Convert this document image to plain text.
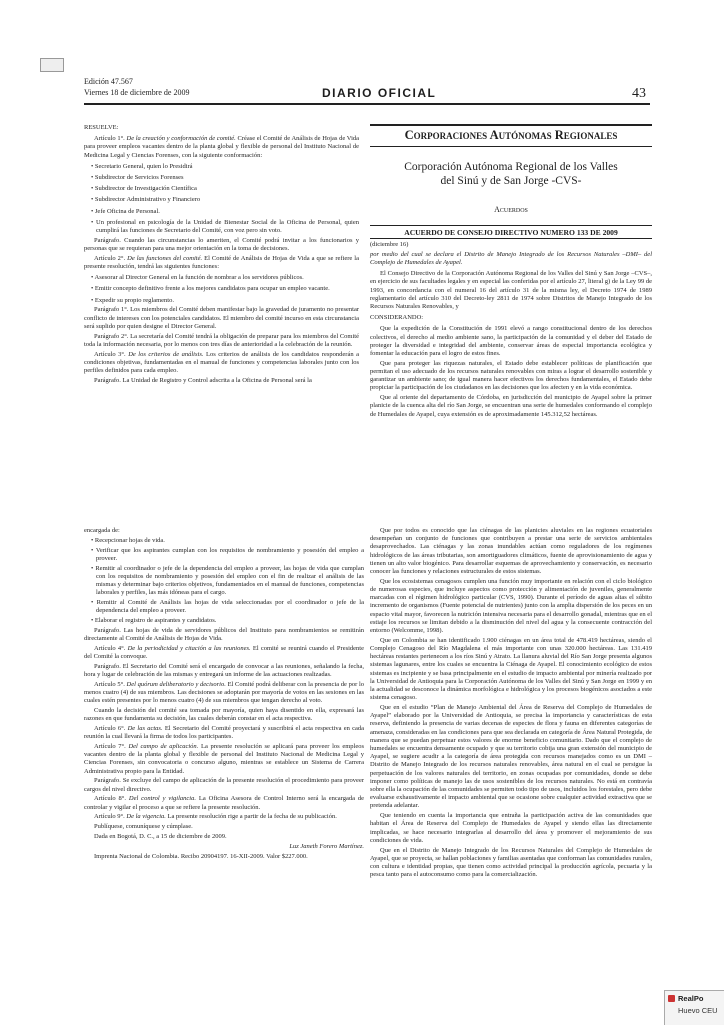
Edición 47.567
Viernes 18 de diciembre de 2009	DIARIO OFICIAL	43

RESUELVE:

Artículo 1°. De la creación y conformación de comité. Créase el Comité de Análisis de Hojas de Vida para proveer empleos vacantes dentro de la planta global y flexible de personal del Instituto Nacional de Medicina Legal y Ciencias Forenses, con la siguiente conformación:

• Secretario General, quien lo Presidirá

• Subdirector de Servicios Forenses

• Subdirector de Investigación Científica

• Subdirector Administrativo y Financiero

• Jefe Oficina de Personal.

• Un profesional en psicología de la Unidad de Bienestar Social de la Oficina de Personal, quien cumplirá las funciones de Secretario del Comité, con voz pero sin voto.

Parágrafo. Cuando las circunstancias lo ameriten, el Comité podrá invitar a los funcionarios y personas que se requieran para una mejor orientación en la toma de decisiones.

Artículo 2°. De las funciones del comité. El Comité de Análisis de Hojas de Vida a que se refiere la presente resolución, tendrá las siguientes funciones:

• Asesorar al Director General en la función de nombrar a los servidores públicos.

• Emitir concepto definitivo frente a los mejores candidatos para ocupar un empleo vacante.

• Expedir su propio reglamento.

Parágrafo 1°. Los miembros del Comité deben manifestar bajo la gravedad de juramento no presentar conflicto de intereses con los potenciales candidatos. El miembro del comité incurso en esta circunstancia será suplido por quien designe el Director General.

Parágrafo 2°. La secretaría del Comité tendrá la obligación de preparar para los miembros del Comité toda la información necesaria, por lo menos con tres días de anterioridad a la celebración de la reunión.

Artículo 3°. De los criterios de análisis. Los criterios de análisis de los candidatos responderán a condiciones objetivas, fundamentadas en el manual de funciones y competencias laborales junto con los perfiles definidos para cada empleo.

Parágrafo. La Unidad de Registro y Control adscrita a la Oficina de Personal será la

Corporaciones Autónomas Regionales
Corporación Autónoma Regional de los Valles
del Sinú y de San Jorge -CVS-
Acuerdos
ACUERDO DE CONSEJO DIRECTIVO NUMERO 133 DE 2009

(diciembre 16)

por medio del cual se declara el Distrito de Manejo Integrado de los Recursos Naturales –DMI– del Complejo de Humedales de Ayapel.

El Consejo Directivo de la Corporación Autónoma Regional de los Valles del Sinú y San Jorge –CVS–, en ejercicio de sus facultades legales y en especial las conferidas por el artículo 27, literal g) de la Ley 99 de 1993, en concordancia con el numeral 16 del artículo 31 de la misma ley, el Decreto 1974 de 1989 reglamentario del artículo 310 del Decreto-ley 2811 de 1974 sobre Distritos de Manejo Integrado de los Recursos Naturales Renovables, y

CONSIDERANDO:

Que la expedición de la Constitución de 1991 elevó a rango constitucional dentro de los derechos colectivos, el derecho al medio ambiente sano, la participación de la comunidad y el deber del Estado de proteger la diversidad e integridad del ambiente, conservar áreas de especial importancia ecológica y fomentar la educación para el logro de estos fines.

Que para proteger las riquezas naturales, el Estado debe establecer políticas de planificación que permitan el uso adecuado de los recursos naturales renovables con miras a lograr el desarrollo sostenible y garantizar un ambiente sano; de igual manera hacer efectivos los derechos fundamentales, el Estado debe propiciar la participación de los ciudadanos en las decisiones que los afecten y en la vida económica.

Que al oriente del departamento de Córdoba, en jurisdicción del municipio de Ayapel sobre la primer planicie de la cuenca alta del río San Jorge, se encuentran una serie de humedales conformando el complejo de Humedales de Ayapel, cuya extensión es de aproximadamente 145.312,52 hectáreas.

encargada de:

• Recepcionar hojas de vida.

• Verificar que los aspirantes cumplan con los requisitos de nombramiento y posesión del empleo a proveer.

• Remitir al coordinador o jefe de la dependencia del empleo a proveer, las hojas de vida que cumplan con los requisitos de nombramiento y posesión del empleo con el fin de realizar el análisis de las mismas y determinar bajo criterios objetivos, fundamentados en el manual de funciones, competencias laborales y perfiles, las más idóneas para el cargo.

• Remitir al Comité de Análisis las hojas de vida seleccionadas por el coordinador o jefe de la dependencia del empleo a proveer.

• Elaborar el registro de aspirantes y candidatos.

Parágrafo. Las hojas de vida de servidores públicos del Instituto para nombramientos se remitirán directamente al Comité de Análisis de Hojas de Vida.

Artículo 4°. De la periodicidad y citación a las reuniones. El comité se reunirá cuando el Presidente del Comité la convoque.

Parágrafo. El Secretario del Comité será el encargado de convocar a las reuniones, señalando la fecha, hora y lugar de celebración de las mismas y entregará un informe de las actuaciones realizadas.

Artículo 5°. Del quórum deliberatorio y decisorio. El Comité podrá deliberar con la presencia de por lo menos cuatro (4) de sus miembros. Las decisiones se adoptarán por mayoría de votos en las sesiones en las cuales estén presentes por lo menos cuatro (4) de sus miembros que tengan derecho al voto.

Cuando la decisión del comité sea tomada por mayoría, quien haya disentido en ella, expresará las razones en que fundamenta su decisión, las cuales deberán constar en el acta respectiva.

Artículo 6°. De las actas. El Secretario del Comité proyectará y suscribirá el acta respectiva en cada reunión la cual llevará la firma de todos los participantes.

Artículo 7°. Del campo de aplicación. La presente resolución se aplicará para proveer los empleos vacantes dentro de la planta global y flexible de personal del Instituto Nacional de Medicina Legal y Ciencias Forenses, sin convocatoria o concurso alguno, mientras se establece un Sistema de Carrera Administrativa propio para la Entidad.

Parágrafo. Se excluye del campo de aplicación de la presente resolución el procedimiento para proveer cargos del nivel directivo.

Artículo 8°. Del control y vigilancia. La Oficina Asesora de Control Interno será la encargada de controlar y vigilar el proceso a que se refiere la presente resolución.

Artículo 9°. De la vigencia. La presente resolución rige a partir de la fecha de su publicación.

Publíquese, comuníquese y cúmplase.

Dada en Bogotá, D. C., a 15 de diciembre de 2009.

Luz Janeth Forero Martínez.

Imprenta Nacional de Colombia. Recibo 20904197. 16-XII-2009. Valor $227.000.

Que por todos es conocido que las ciénagas de las planicies aluviales en las regiones ecuatoriales desempeñan un conjunto de funciones que contribuyen a prestar una serie de servicios ambientales desaprovechados. Las ciénagas y las zonas inundables actúan como reguladores de los regímenes hidrológicos de las áreas tributarias, son amortiguadores climáticos, fuente de aprovisionamiento de agua y tienen un alto valor biogénico. Para desarrollar esquemas de aprovechamiento y conservación, es necesario conocer las funciones y relaciones estructurales de estos sistemas.

Que los ecosistemas cenagosos cumplen una función muy importante en relación con el ciclo biológico de numerosas especies, que incluye aspectos como protección y alimentación de juveniles, generalmente marcadas con el régimen hidrológico particular (CVS, 1990). Durante el período de aguas altas el súbito incremento de organismos (Fuente potencial de nutrientes) junto con la amplia dispersión de los peces en un espacio vital mayor, favorecen la nutrición intensiva necesaria para el desarrollo gonadal, mientras que en el estiaje los recursos se limitan debido a la disminución del nivel del agua y la consecuente contracción del entorno (Welcomme, 1998).

Que en Colombia se han identificado 1.900 ciénagas en un área total de 478.419 hectáreas, siendo el Complejo Cenagoso del Río Magdalena el más importante con unas 320.000 hectáreas. Las 131.419 hectáreas restantes pertenecen a los ríos Sinú y Atrato. La llanura aluvial del Río San Jorge presenta algunos sistemas lagunares, entre los cuales se encuentra la Ciénaga de Ayapel. El conocimiento ecológico de estos sistemas es incipiente y se basa principalmente en el estudio de impacto ambiental por minería realizado por la Universidad de Antioquia para la Corporación Autónoma de los Valles del Sinú y San Jorge en 1999 y en la actualidad se desconoce la dinámica morfológica e hidrológica y los procesos biogénicos asociados a este sistema cenagoso.

Que en el estudio “Plan de Manejo Ambiental del Área de Reserva del Complejo de Humedales de Ayapel” elaborado por la Universidad de Antioquia, se precisa la importancia y características de esta reserva, definiendo la presencia de varias decenas de especies de flora y fauna en diferentes categorías de amenaza, consideradas en las condiciones para que sea declarada en categoría de Área Natural Protegida, de manera que se puedan perpetuar estos valores de enorme beneficio comunitario. Dado que el complejo de humedales se encuentra densamente ocupado y que su territorio cobija una gran extensión del municipio de Ayapel, se sugiere acudir a la categoría de área protegida con recursos manejados como es un DMI – Distrito de Manejo Integrado de los recursos naturales renovables, área natural en el cual se persigue la perpetuación de los valores naturales del territorio, en zonas ocupadas por comunidades, donde se debe imponer como políticas de manejo las de usos sostenibles de los recursos naturales. No está en contravía sobre ella la ocupación de las comunidades se permiten todo tipo de usos, incluidos los forestales, pero debe evaluarse exhaustivamente el impacto ambiental que se ocasione sobre cualquier actividad extractiva que se pretenda adelantar.

Que teniendo en cuenta la importancia que entraña la participación activa de las comunidades que habitan el Área de Reserva del Complejo de Humedales de Ayapel y siendo ellas las directamente implicadas, se hace necesario integrarlas al desarrollo del área y promover el mejoramiento de sus condiciones de vida.

Que en el Distrito de Manejo Integrado de los Recursos Naturales del Complejo de Humedales de Ayapel, que se proyecta, se hallan poblaciones y familias asentadas que conforman las comunidades rurales, con cultura e identidad propias, que tienen como actividad principal la producción agrícola, pecuaria y la pesca tanto para el autoconsumo como para la comercialización.

RealPo
Huevo CEU
